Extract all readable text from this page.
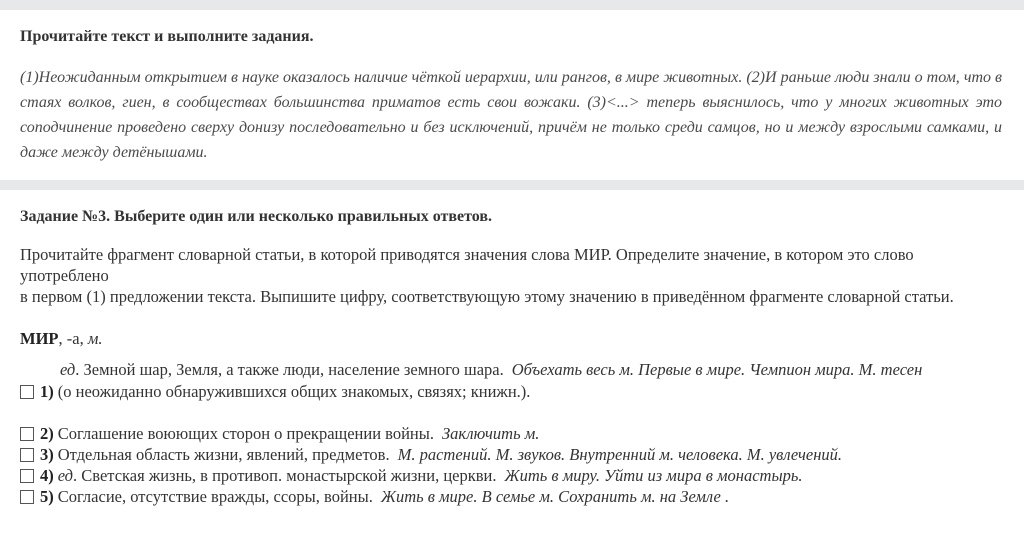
Прочитайте текст и выполните задания.

(1)Неожиданным открытием в науке оказалось наличие чёткой иерархии, или рангов, в мире животных. (2)И раньше люди знали о том, что в стаях волков, гиен, в сообществах большинства приматов есть свои вожаки. (3)<...> теперь выяснилось, что у многих животных это соподчинение проведено сверху донизу последовательно и без исключений, причём не только среди самцов, но и между взрослыми самками, и даже между детёнышами.

Задание №3. Выберите один или несколько правильных ответов.
Прочитайте фрагмент словарной статьи, в которой приводятся значения слова МИР. Определите значение, в котором это слово употреблено
в первом (1) предложении текста. Выпишите цифру, соответствующую этому значению в приведённом фрагменте словарной статьи.
МИР, -а, м.
ед. Земной шар, Земля, а также люди, население земного шара. Объехать весь м. Первые в мире. Чемпион мира. М. тесен
1) (о неожиданно обнаружившихся общих знакомых, связях; книжн.).
2) Соглашение воюющих сторон о прекращении войны. Заключить м.
3) Отдельная область жизни, явлений, предметов. М. растений. М. звуков. Внутренний м. человека. М. увлечений.
4) ед . Светская жизнь, в противоп. монастырской жизни, церкви. Жить в миру. Уйти из мира в монастырь.
5) Согласие, отсутствие вражды, ссоры, войны. Жить в мире. В семье м. Сохранить м. на Земле .
